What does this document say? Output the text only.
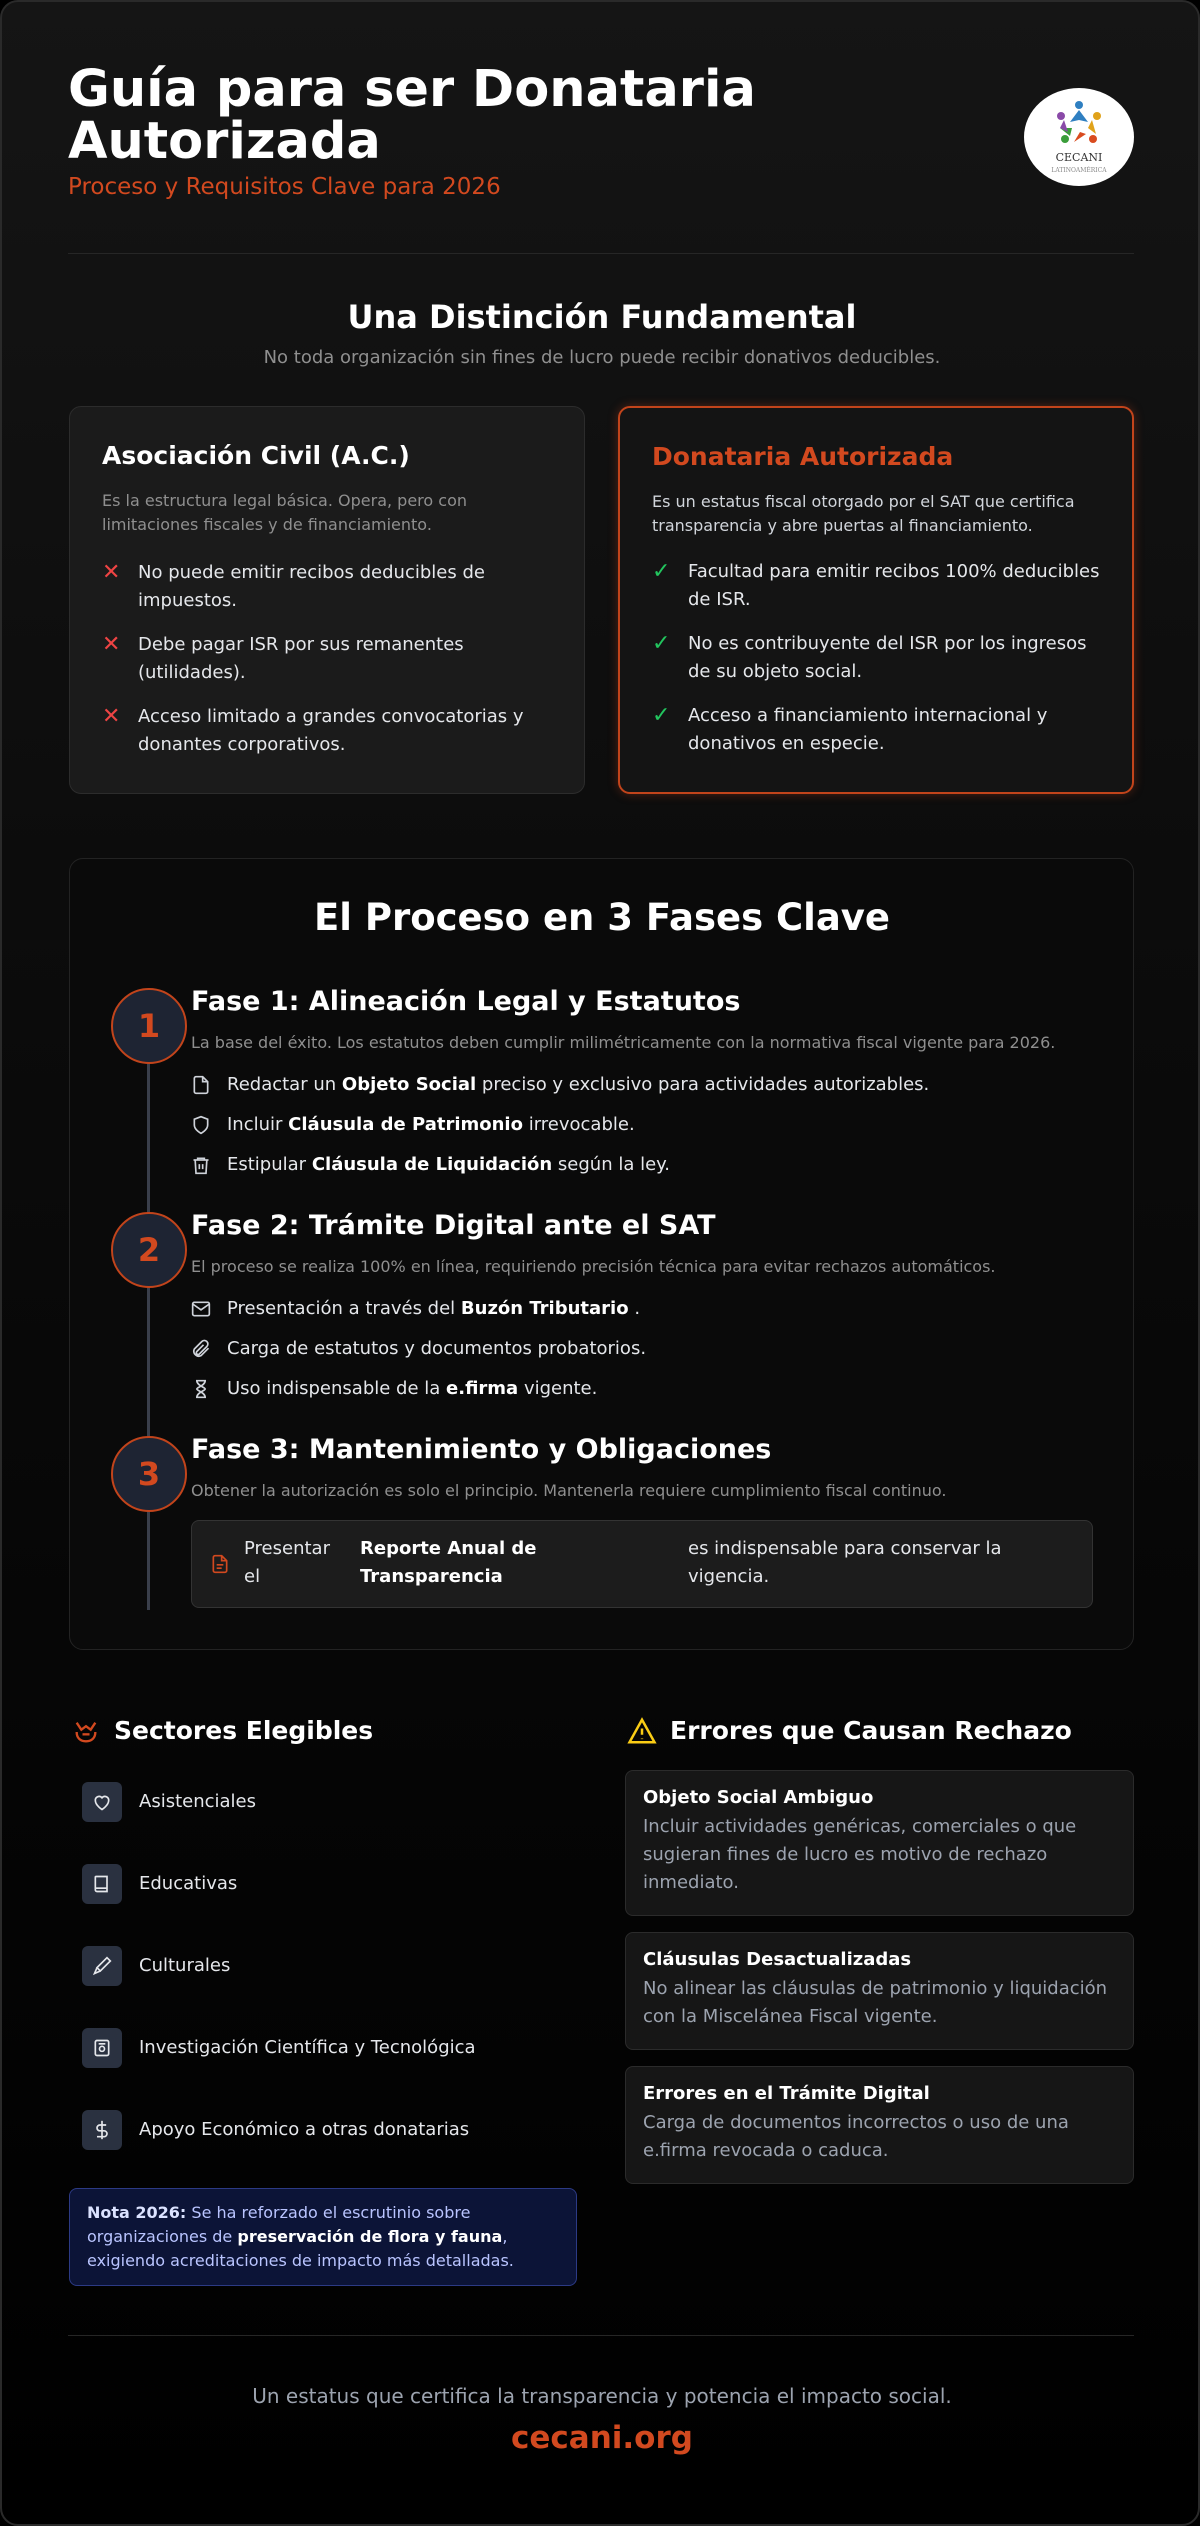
Guía para ser Donataria Autorizada
Proceso y Requisitos Clave para 2026
CECANI
LATINOAMÉRICA
Una Distinción Fundamental
No toda organización sin fines de lucro puede recibir donativos deducibles.
Asociación Civil (A.C.)
Es la estructura legal básica. Opera, pero con limitaciones fiscales y de financiamiento.
✕ No puede emitir recibos deducibles de impuestos.
✕ Debe pagar ISR por sus remanentes (utilidades).
✕ Acceso limitado a grandes convocatorias y donantes corporativos.
Donataria Autorizada
Es un estatus fiscal otorgado por el SAT que certifica transparencia y abre puertas al financiamiento.
✓ Facultad para emitir recibos 100% deducibles de ISR.
✓ No es contribuyente del ISR por los ingresos de su objeto social.
✓ Acceso a financiamiento internacional y donativos en especie.
El Proceso en 3 Fases Clave
1
Fase 1: Alineación Legal y Estatutos
La base del éxito. Los estatutos deben cumplir milimétricamente con la normativa fiscal vigente para 2026.
Redactar un Objeto Social preciso y exclusivo para actividades autorizables.
Incluir Cláusula de Patrimonio irrevocable.
Estipular Cláusula de Liquidación según la ley.
2
Fase 2: Trámite Digital ante el SAT
El proceso se realiza 100% en línea, requiriendo precisión técnica para evitar rechazos automáticos.
Presentación a través del Buzón Tributario .
Carga de estatutos y documentos probatorios.
Uso indispensable de la e.firma vigente.
3
Fase 3: Mantenimiento y Obligaciones
Obtener la autorización es solo el principio. Mantenerla requiere cumplimiento fiscal continuo.
Presentar el
Reporte Anual de Transparencia
es indispensable para conservar la vigencia.
Sectores Elegibles
Asistenciales
Educativas
Culturales
Investigación Científica y Tecnológica
Apoyo Económico a otras donatarias
Nota 2026: Se ha reforzado el escrutinio sobre organizaciones de preservación de flora y fauna, exigiendo acreditaciones de impacto más detalladas.
Errores que Causan Rechazo
Objeto Social Ambiguo
Incluir actividades genéricas, comerciales o que sugieran fines de lucro es motivo de rechazo inmediato.
Cláusulas Desactualizadas
No alinear las cláusulas de patrimonio y liquidación con la Miscelánea Fiscal vigente.
Errores en el Trámite Digital
Carga de documentos incorrectos o uso de una e.firma revocada o caduca.
Un estatus que certifica la transparencia y potencia el impacto social.
cecani.org
